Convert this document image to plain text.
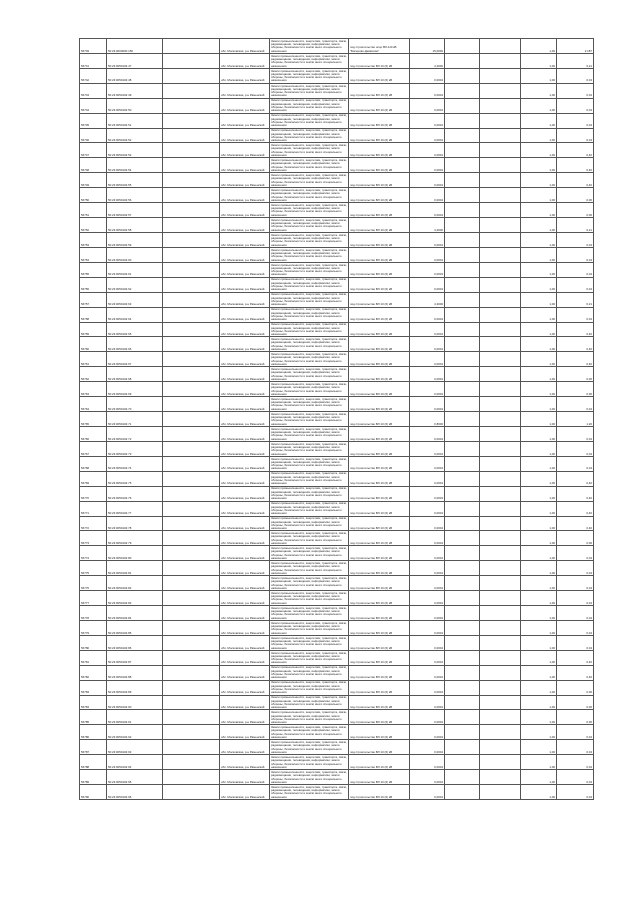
56749	50:23:0000000:156		обл. Московская, р-н Раменский	Земли промышленности, энергетики, транспорта, связи, радиовещания, телевидения, информатики, земли обороны, безопасности и земли иного специального назначения	под строительство опор ВЛ-110 кВ "Бисерово-Демихово"	15,0000			1,00	2 187
56741	50:23:0050102:47		обл. Московская, р-н Раменский	Земли промышленности, энергетики, транспорта, связи, радиовещания, телевидения, информатики, земли обороны, безопасности и земли иного специального назначения	под строительство ВЛ 10 (6) кВ	4,2000			1,00	6,21
56742	50:23:0050102:48		обл. Московская, р-н Раменский	Земли промышленности, энергетики, транспорта, связи, радиовещания, телевидения, информатики, земли обороны, безопасности и земли иного специального назначения	под строительство ВЛ 10 (6) кВ	0,0004			1,00	0,04
56743	50:23:0050102:49		обл. Московская, р-н Раменский	Земли промышленности, энергетики, транспорта, связи, радиовещания, телевидения, информатики, земли обороны, безопасности и земли иного специального назначения	под строительство ВЛ 10 (6) кВ	0,0004			1,00	0,04
56744	50:23:0050102:50		обл. Московская, р-н Раменский	Земли промышленности, энергетики, транспорта, связи, радиовещания, телевидения, информатики, земли обороны, безопасности и земли иного специального назначения	под строительство ВЛ 10 (6) кВ	0,0004			1,00	0,04
56745	50:23:0050102:51		обл. Московская, р-н Раменский	Земли промышленности, энергетики, транспорта, связи, радиовещания, телевидения, информатики, земли обороны, безопасности и земли иного специального назначения	под строительство ВЛ 10 (6) кВ	0,0004			1,00	0,04
56746	50:23:0050102:52		обл. Московская, р-н Раменский	Земли промышленности, энергетики, транспорта, связи, радиовещания, телевидения, информатики, земли обороны, безопасности и земли иного специального назначения	под строительство ВЛ 10 (6) кВ	0,0004			1,00	0,04
56747	50:23:0050102:53		обл. Московская, р-н Раменский	Земли промышленности, энергетики, транспорта, связи, радиовещания, телевидения, информатики, земли обороны, безопасности и земли иного специального назначения	под строительство ВЛ 10 (6) кВ	0,0004			1,00	0,40
56748	50:23:0050102:54		обл. Московская, р-н Раменский	Земли промышленности, энергетики, транспорта, связи, радиовещания, телевидения, информатики, земли обороны, безопасности и земли иного специального назначения	под строительство ВЛ 10 (6) кВ	0,0004			1,00	0,40
56749	50:23:0050102:55		обл. Московская, р-н Раменский	Земли промышленности, энергетики, транспорта, связи, радиовещания, телевидения, информатики, земли обороны, безопасности и земли иного специального назначения	под строительство ВЛ 10 (6) кВ	0,0004			1,00	0,40
56750	50:23:0050102:56		обл. Московская, р-н Раменский	Земли промышленности, энергетики, транспорта, связи, радиовещания, телевидения, информатики, земли обороны, безопасности и земли иного специального назначения	под строительство ВЛ 10 (6) кВ	0,0004			1,00	0,06
56751	50:23:0050102:57		обл. Московская, р-н Раменский	Земли промышленности, энергетики, транспорта, связи, радиовещания, телевидения, информатики, земли обороны, безопасности и земли иного специального назначения	под строительство ВЛ 10 (6) кВ	0,0004			1,00	0,06
56752	50:23:0050102:58		обл. Московская, р-н Раменский	Земли промышленности, энергетики, транспорта, связи, радиовещания, телевидения, информатики, земли обороны, безопасности и земли иного специального назначения	под строительство ВЛ 10 (6) кВ	4,2000			1,00	6,21
56753	50:23:0050102:59		обл. Московская, р-н Раменский	Земли промышленности, энергетики, транспорта, связи, радиовещания, телевидения, информатики, земли обороны, безопасности и земли иного специального назначения	под строительство ВЛ 10 (6) кВ	0,0004			1,00	0,04
56754	50:23:0050102:60		обл. Московская, р-н Раменский	Земли промышленности, энергетики, транспорта, связи, радиовещания, телевидения, информатики, земли обороны, безопасности и земли иного специального назначения	под строительство ВЛ 10 (6) кВ	0,0004			1,00	0,04
56755	50:23:0050102:61		обл. Московская, р-н Раменский	Земли промышленности, энергетики, транспорта, связи, радиовещания, телевидения, информатики, земли обороны, безопасности и земли иного специального назначения	под строительство ВЛ 10 (6) кВ	0,0004			1,00	0,04
56756	50:23:0050102:62		обл. Московская, р-н Раменский	Земли промышленности, энергетики, транспорта, связи, радиовещания, телевидения, информатики, земли обороны, безопасности и земли иного специального назначения	под строительство ВЛ 10 (6) кВ	0,0004			1,00	0,04
56757	50:23:0050102:63		обл. Московская, р-н Раменский	Земли промышленности, энергетики, транспорта, связи, радиовещания, телевидения, информатики, земли обороны, безопасности и земли иного специального назначения	под строительство ВЛ 10 (6) кВ	4,2000			1,00	6,21
56758	50:23:0050102:64		обл. Московская, р-н Раменский	Земли промышленности, энергетики, транспорта, связи, радиовещания, телевидения, информатики, земли обороны, безопасности и земли иного специального назначения	под строительство ВЛ 10 (6) кВ	0,0004			1,00	0,04
56759	50:23:0050102:65		обл. Московская, р-н Раменский	Земли промышленности, энергетики, транспорта, связи, радиовещания, телевидения, информатики, земли обороны, безопасности и земли иного специального назначения	под строительство ВЛ 10 (6) кВ	0,0004			1,00	0,40
56760	50:23:0050102:66		обл. Московская, р-н Раменский	Земли промышленности, энергетики, транспорта, связи, радиовещания, телевидения, информатики, земли обороны, безопасности и земли иного специального назначения	под строительство ВЛ 10 (6) кВ	0,0004			1,00	0,40
56761	50:23:0050102:67		обл. Московская, р-н Раменский	Земли промышленности, энергетики, транспорта, связи, радиовещания, телевидения, информатики, земли обороны, безопасности и земли иного специального назначения	под строительство ВЛ 10 (6) кВ	0,0004			1,00	0,40
56762	50:23:0050102:68		обл. Московская, р-н Раменский	Земли промышленности, энергетики, транспорта, связи, радиовещания, телевидения, информатики, земли обороны, безопасности и земли иного специального назначения	под строительство ВЛ 10 (6) кВ	0,0004			1,00	0,06
56763	50:23:0050102:69		обл. Московская, р-н Раменский	Земли промышленности, энергетики, транспорта, связи, радиовещания, телевидения, информатики, земли обороны, безопасности и земли иного специального назначения	под строительство ВЛ 10 (6) кВ	0,0004			1,00	0,06
56764	50:23:0050102:70		обл. Московская, р-н Раменский	Земли промышленности, энергетики, транспорта, связи, радиовещания, телевидения, информатики, земли обороны, безопасности и земли иного специального назначения	под строительство ВЛ 10 (6) кВ	0,0004			1,00	0,04
56765	50:23:0050102:71		обл. Московская, р-н Раменский	Земли промышленности, энергетики, транспорта, связи, радиовещания, телевидения, информатики, земли обороны, безопасности и земли иного специального назначения	под строительство ВЛ 10 (6) кВ	0,8000			1,00	1,20
56766	50:23:0050102:72		обл. Московская, р-н Раменский	Земли промышленности, энергетики, транспорта, связи, радиовещания, телевидения, информатики, земли обороны, безопасности и земли иного специального назначения	под строительство ВЛ 10 (6) кВ	0,0004			1,00	0,04
56767	50:23:0050102:73		обл. Московская, р-н Раменский	Земли промышленности, энергетики, транспорта, связи, радиовещания, телевидения, информатики, земли обороны, безопасности и земли иного специального назначения	под строительство ВЛ 10 (6) кВ	0,0004			1,00	0,04
56768	50:23:0050102:74		обл. Московская, р-н Раменский	Земли промышленности, энергетики, транспорта, связи, радиовещания, телевидения, информатики, земли обороны, безопасности и земли иного специального назначения	под строительство ВЛ 10 (6) кВ	0,0004			1,00	0,04
56769	50:23:0050102:75		обл. Московская, р-н Раменский	Земли промышленности, энергетики, транспорта, связи, радиовещания, телевидения, информатики, земли обороны, безопасности и земли иного специального назначения	под строительство ВЛ 10 (6) кВ	0,0004			1,00	0,40
56770	50:23:0050102:76		обл. Московская, р-н Раменский	Земли промышленности, энергетики, транспорта, связи, радиовещания, телевидения, информатики, земли обороны, безопасности и земли иного специального назначения	под строительство ВЛ 10 (6) кВ	0,0004			1,00	0,40
56771	50:23:0050102:77		обл. Московская, р-н Раменский	Земли промышленности, энергетики, транспорта, связи, радиовещания, телевидения, информатики, земли обороны, безопасности и земли иного специального назначения	под строительство ВЛ 10 (6) кВ	0,0004			1,00	0,40
56772	50:23:0050102:78		обл. Московская, р-н Раменский	Земли промышленности, энергетики, транспорта, связи, радиовещания, телевидения, информатики, земли обороны, безопасности и земли иного специального назначения	под строительство ВЛ 10 (6) кВ	0,0004			1,00	0,40
56773	50:23:0050102:79		обл. Московская, р-н Раменский	Земли промышленности, энергетики, транспорта, связи, радиовещания, телевидения, информатики, земли обороны, безопасности и земли иного специального назначения	под строительство ВЛ 10 (6) кВ	0,0004			1,00	0,06
56774	50:23:0050102:80		обл. Московская, р-н Раменский	Земли промышленности, энергетики, транспорта, связи, радиовещания, телевидения, информатики, земли обороны, безопасности и земли иного специального назначения	под строительство ВЛ 10 (6) кВ	0,0004			1,00	0,04
56775	50:23:0050102:81		обл. Московская, р-н Раменский	Земли промышленности, энергетики, транспорта, связи, радиовещания, телевидения, информатики, земли обороны, безопасности и земли иного специального назначения	под строительство ВЛ 10 (6) кВ	0,0004			1,00	0,04
56776	50:23:0050102:82		обл. Московская, р-н Раменский	Земли промышленности, энергетики, транспорта, связи, радиовещания, телевидения, информатики, земли обороны, безопасности и земли иного специального назначения	под строительство ВЛ 10 (6) кВ	0,0004			1,00	0,04
56777	50:23:0050102:83		обл. Московская, р-н Раменский	Земли промышленности, энергетики, транспорта, связи, радиовещания, телевидения, информатики, земли обороны, безопасности и земли иного специального назначения	под строительство ВЛ 10 (6) кВ	0,0004			1,00	0,04
56778	50:23:0050102:84		обл. Московская, р-н Раменский	Земли промышленности, энергетики, транспорта, связи, радиовещания, телевидения, информатики, земли обороны, безопасности и земли иного специального назначения	под строительство ВЛ 10 (6) кВ	0,0004			1,00	0,04
56779	50:23:0050102:85		обл. Московская, р-н Раменский	Земли промышленности, энергетики, транспорта, связи, радиовещания, телевидения, информатики, земли обороны, безопасности и земли иного специального назначения	под строительство ВЛ 10 (6) кВ	0,0004			1,00	0,04
56780	50:23:0050102:86		обл. Московская, р-н Раменский	Земли промышленности, энергетики, транспорта, связи, радиовещания, телевидения, информатики, земли обороны, безопасности и земли иного специального назначения	под строительство ВЛ 10 (6) кВ	0,0004			1,00	0,04
56781	50:23:0050102:87		обл. Московская, р-н Раменский	Земли промышленности, энергетики, транспорта, связи, радиовещания, телевидения, информатики, земли обороны, безопасности и земли иного специального назначения	под строительство ВЛ 10 (6) кВ	0,0004			1,00	0,40
56782	50:23:0050102:88		обл. Московская, р-н Раменский	Земли промышленности, энергетики, транспорта, связи, радиовещания, телевидения, информатики, земли обороны, безопасности и земли иного специального назначения	под строительство ВЛ 10 (6) кВ	0,0004			1,00	0,40
56783	50:23:0050102:89		обл. Московская, р-н Раменский	Земли промышленности, энергетики, транспорта, связи, радиовещания, телевидения, информатики, земли обороны, безопасности и земли иного специального назначения	под строительство ВЛ 10 (6) кВ	0,0004			1,00	0,06
56784	50:23:0050102:90		обл. Московская, р-н Раменский	Земли промышленности, энергетики, транспорта, связи, радиовещания, телевидения, информатики, земли обороны, безопасности и земли иного специального назначения	под строительство ВЛ 10 (6) кВ	0,0004			1,00	0,06
56785	50:23:0050102:91		обл. Московская, р-н Раменский	Земли промышленности, энергетики, транспорта, связи, радиовещания, телевидения, информатики, земли обороны, безопасности и земли иного специального назначения	под строительство ВЛ 10 (6) кВ	0,0004			1,00	0,06
56786	50:23:0050102:92		обл. Московская, р-н Раменский	Земли промышленности, энергетики, транспорта, связи, радиовещания, телевидения, информатики, земли обороны, безопасности и земли иного специального назначения	под строительство ВЛ 10 (6) кВ	0,0004			1,00	0,04
56787	50:23:0050102:93		обл. Московская, р-н Раменский	Земли промышленности, энергетики, транспорта, связи, радиовещания, телевидения, информатики, земли обороны, безопасности и земли иного специального назначения	под строительство ВЛ 10 (6) кВ	0,0004			1,00	0,04
56788	50:23:0050102:94		обл. Московская, р-н Раменский	Земли промышленности, энергетики, транспорта, связи, радиовещания, телевидения, информатики, земли обороны, безопасности и земли иного специального назначения	под строительство ВЛ 10 (6) кВ	0,0004			1,00	0,04
56789	50:23:0050102:95		обл. Московская, р-н Раменский	Земли промышленности, энергетики, транспорта, связи, радиовещания, телевидения, информатики, земли обороны, безопасности и земли иного специального назначения	под строительство ВЛ 10 (6) кВ	0,0004			1,00	0,04
56790	50:23:0050102:96		обл. Московская, р-н Раменский	Земли промышленности, энергетики, транспорта, связи, радиовещания, телевидения, информатики, земли обороны, безопасности и земли иного специального назначения	под строительство ВЛ 10 (6) кВ	0,0004			1,00	0,04
